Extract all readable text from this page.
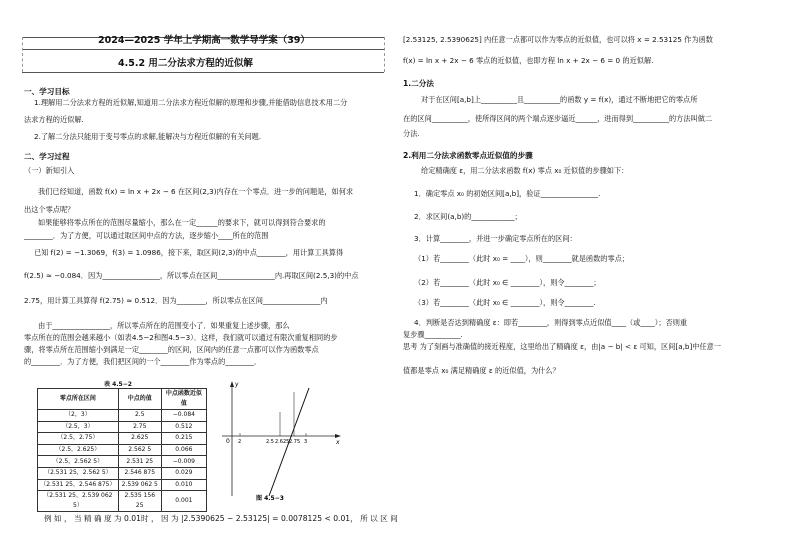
2024—2025 学年上学期高一数学导学案（39）
4.5.2 用二分法求方程的近似解
一、学习目标
1.理解用二分法求方程的近似解,知道用二分法求方程近似解的原理和步骤,并能借助信息技术用二分
法求方程的近似解.
2.了解二分法只能用于变号零点的求解,能解决与方程近似解的有关问题.
二、学习过程
（一）新知引入
我们已经知道，函数 f(x) = ln x + 2x − 6 在区间(2,3)内存在一个零点．进一步的问题是，如何求
出这个零点呢？
如果能够将零点所在的范围尽量缩小，那么在一定______的要求下，就可以得到符合要求的
________．为了方便，可以通过取区间中点的方法，逐步缩小____所在的范围
已知 f(2) = −1.3069，f(3) = 1.0986，接下来，取区间(2,3)的中点________，用计算工具算得
f(2.5) ≈ −0.084．因为________________，所以零点在区间________________内.再取区间(2.5,3)的中点
2.75，用计算工具算得 f(2.75) ≈ 0.512．因为________，所以零点在区间________________内
由于________________，所以零点所在的范围变小了．如果重复上述步骤，那么
零点所在的范围会越来越小（如表4.5−2和图4.5−3）．这样，我们就可以通过有限次重复相同的步
骤，将零点所在范围缩小到满足一定________的区间，区间内的任意一点都可以作为函数零点
的________．为了方便，我们把区间的一个________作为零点的________．
表 4.5−2
零点所在区间	中点的值	中点函数近似值
（2，3）	2.5	−0.084
（2.5，3）	2.75	0.512
（2.5，2.75）	2.625	0.215
（2.5，2.625）	2.562 5	0.066
（2.5，2.562 5）	2.531 25	−0.009
（2.531 25，2.562 5）	2.546 875	0.029
（2.531 25，2.546 875）	2.539 062 5	0.010
（2.531 25，2.539 062 5）	2.535 156 25	0.001
y
x
0 2	2.5 2.625 2.75 3
图 4.5−3
例 如 ， 当 精 确 度 为 0.01时 ， 因 为 |2.5390625 − 2.53125| = 0.0078125 < 0.01， 所 以 区 间
[2.53125, 2.5390625] 内任意一点都可以作为零点的近似值，也可以将 x = 2.53125 作为函数
f(x) = ln x + 2x − 6 零点的近似值，也即方程 ln x + 2x − 6 = 0 的近似解.
1.二分法
对于在区间[a,b]上__________且__________的函数 y = f(x)，通过不断地把它的零点所
在的区间__________，使所得区间的两个端点逐步逼近______，进而得到__________的方法叫做二
分法.
2.利用二分法求函数零点近似值的步骤
给定精确度 ε，用二分法求函数 f(x) 零点 x₀ 近似值的步骤如下：
1．确定零点 x₀ 的初始区间[a,b]，验证________________.
2．求区间(a,b)的____________；
3．计算________，并进一步确定零点所在的区间：
（1）若________（此时 x₀ = ____），则________就是函数的零点；
（2）若________（此时 x₀ ∈ ________），则令________；
（3）若________（此时 x₀ ∈ ________），则令________.
4．判断是否达到精确度 ε：即若________，则得到零点近似值____（或____）；否则重
复步骤__________.
思考 为了刻画与准确值的接近程度，这里给出了精确度 ε，由|a − b| < ε 可知，区间[a,b]中任意一
值都是零点 x₀ 满足精确度 ε 的近似值，为什么？
